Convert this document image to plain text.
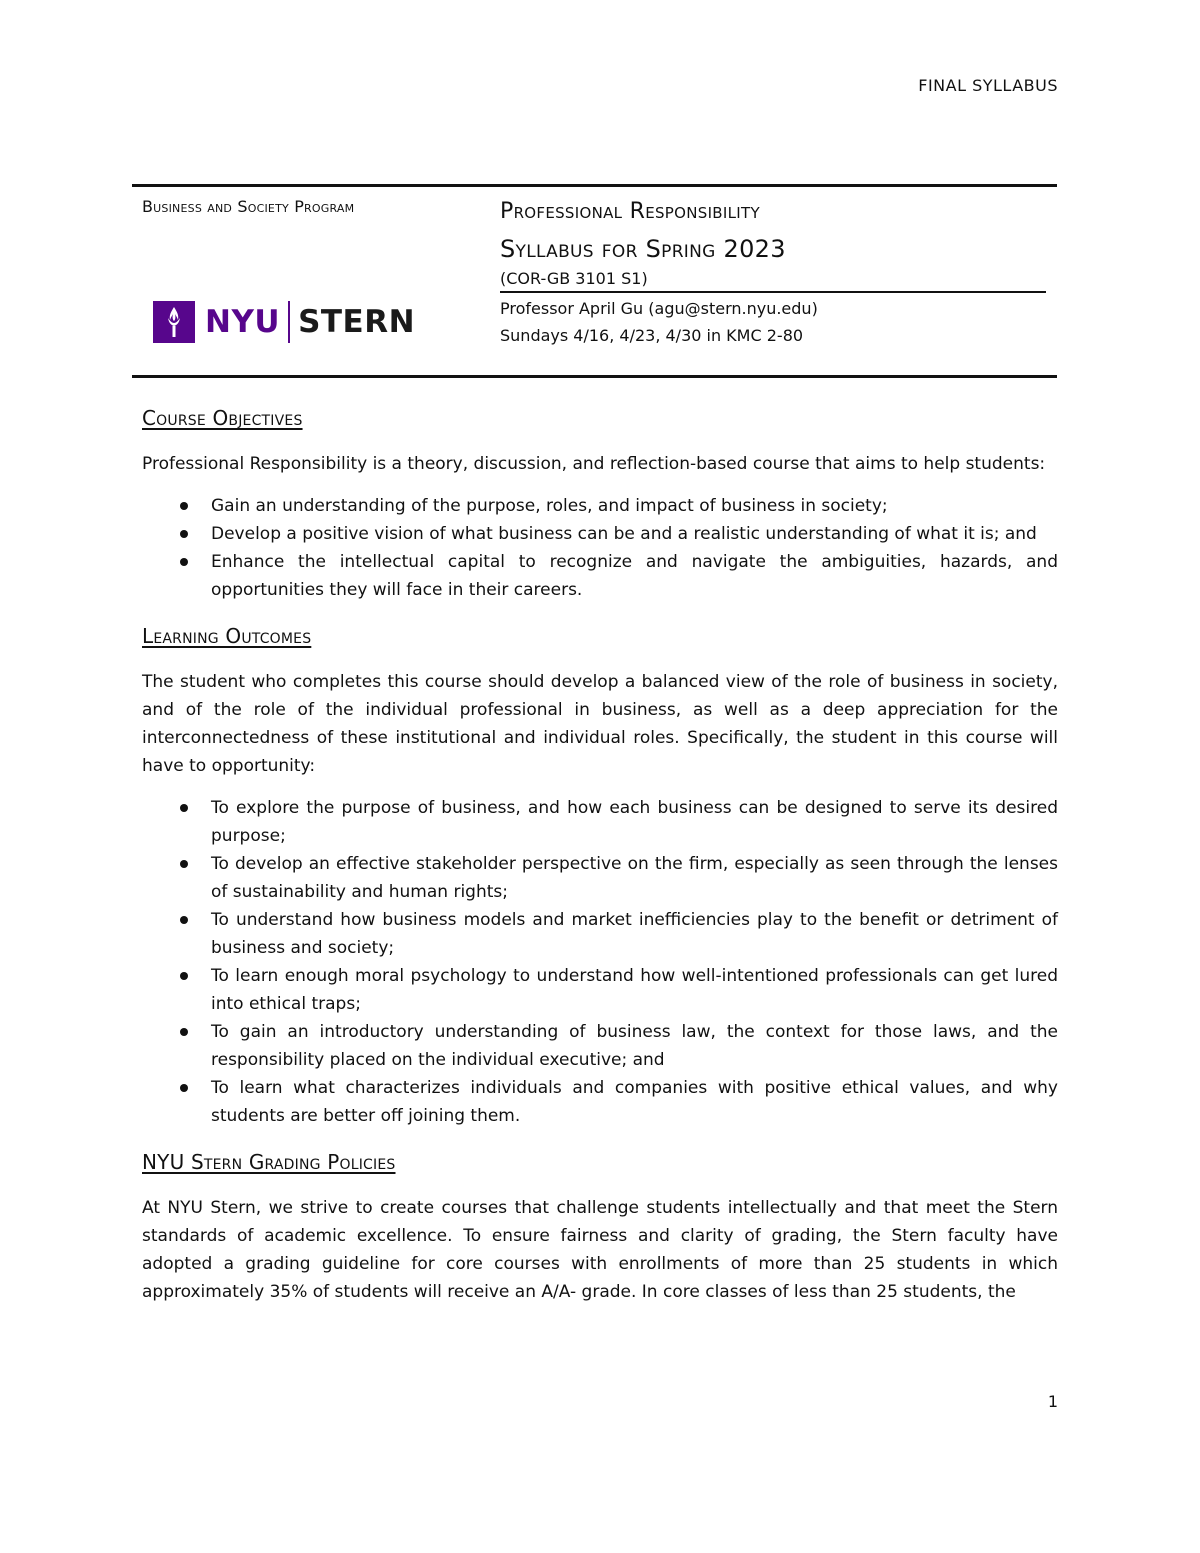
FINAL SYLLABUS
Business and Society Program
NYU STERN
Professional Responsibility
Syllabus for Spring 2023
(COR-GB 3101 S1)
Professor April Gu (agu@stern.nyu.edu)
Sundays 4/16, 4/23, 4/30 in KMC 2-80
Course Objectives

Professional Responsibility is a theory, discussion, and reflection-based course that aims to help students:

Gain an understanding of the purpose, roles, and impact of business in society;
Develop a positive vision of what business can be and a realistic understanding of what it is; and
Enhance the intellectual capital to recognize and navigate the ambiguities, hazards, and opportunities they will face in their careers.
Learning Outcomes

The student who completes this course should develop a balanced view of the role of business in society, and of the role of the individual professional in business, as well as a deep appreciation for the interconnectedness of these institutional and individual roles. Specifically, the student in this course will have to opportunity:

To explore the purpose of business, and how each business can be designed to serve its desired purpose;
To develop an effective stakeholder perspective on the firm, especially as seen through the lenses of sustainability and human rights;
To understand how business models and market inefficiencies play to the benefit or detriment of business and society;
To learn enough moral psychology to understand how well-intentioned professionals can get lured into ethical traps;
To gain an introductory understanding of business law, the context for those laws, and the responsibility placed on the individual executive; and
To learn what characterizes individuals and companies with positive ethical values, and why students are better off joining them.
NYU Stern Grading Policies

At NYU Stern, we strive to create courses that challenge students intellectually and that meet the Stern standards of academic excellence. To ensure fairness and clarity of grading, the Stern faculty have adopted a grading guideline for core courses with enrollments of more than 25 students in which approximately 35% of students will receive an A/A- grade. In core classes of less than 25 students, the

1
